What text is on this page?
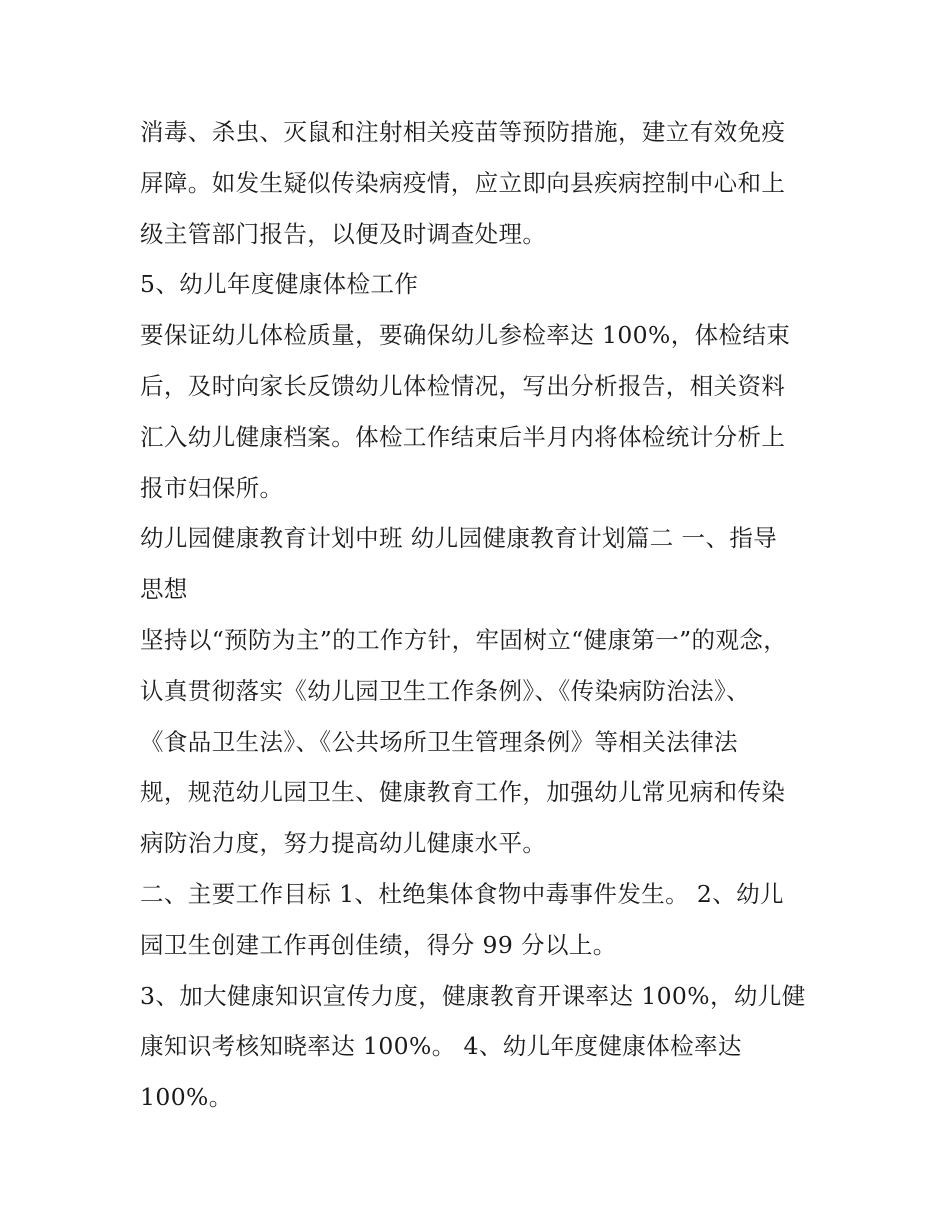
消毒、杀虫、灭鼠和注射相关疫苗等预防措施，建立有效免疫
屏障。如发生疑似传染病疫情，应立即向县疾病控制中心和上
级主管部门报告，以便及时调查处理。
5、幼儿年度健康体检工作
要保证幼儿体检质量，要确保幼儿参检率达 100%，体检结束
后，及时向家长反馈幼儿体检情况，写出分析报告，相关资料
汇入幼儿健康档案。体检工作结束后半月内将体检统计分析上
报市妇保所。
幼儿园健康教育计划中班 幼儿园健康教育计划篇二 一、指导
思想
坚持以“预防为主”的工作方针，牢固树立“健康第一”的观念，
认真贯彻落实《幼儿园卫生工作条例》、《传染病防治法》、
《食品卫生法》、《公共场所卫生管理条例》等相关法律法
规，规范幼儿园卫生、健康教育工作，加强幼儿常见病和传染
病防治力度，努力提高幼儿健康水平。
二、主要工作目标 1、杜绝集体食物中毒事件发生。 2、幼儿
园卫生创建工作再创佳绩，得分 99 分以上。
3、加大健康知识宣传力度，健康教育开课率达 100%，幼儿健
康知识考核知晓率达 100%。 4、幼儿年度健康体检率达
100%。
